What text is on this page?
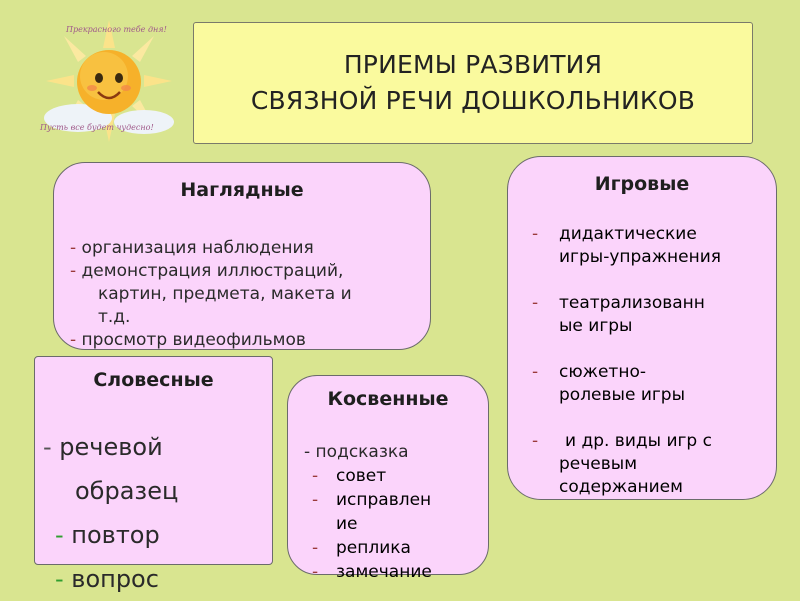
Прекрасного тебе дня!
Пусть все будет чудесно!
ПРИЕМЫ РАЗВИТИЯ
СВЯЗНОЙ РЕЧИ ДОШКОЛЬНИКОВ
Наглядные
- организация наблюдения
- демонстрация иллюстраций,
картин, предмета, макета и
т.д.
- просмотр видеофильмов
Игровые
- дидактические
игры-упражнения
- театрализованн
ые игры
- сюжетно-
ролевые игры
-	и др. виды игр с
речевым
содержанием
Словесные
- речевой
образец
- повтор
- вопрос
Косвенные
- подсказка
- совет
- исправлен
ие
- реплика
- замечание
